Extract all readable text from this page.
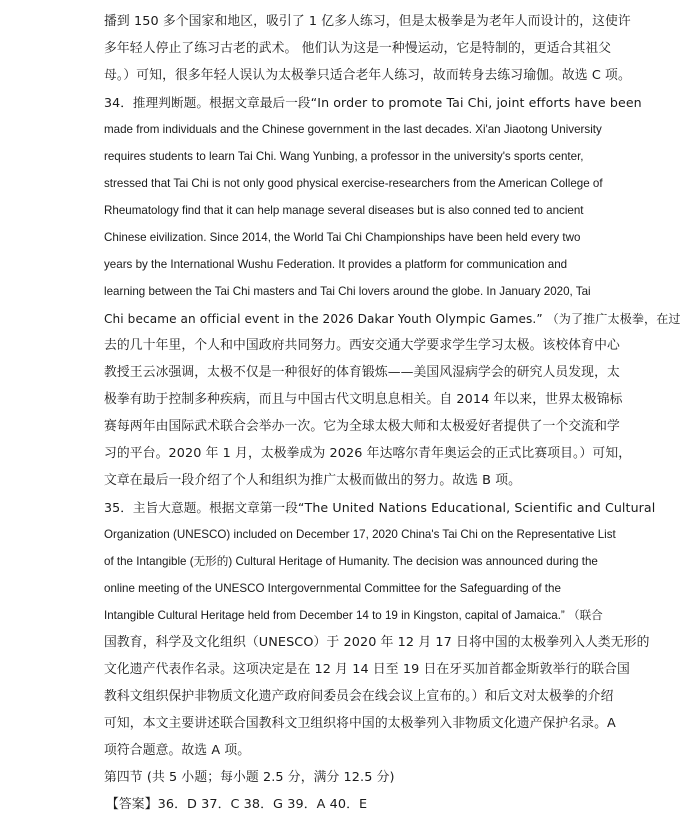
播到 150 多个国家和地区，吸引了 1 亿多人练习，但是太极拳是为老年人而设计的，这使许

多年轻人停止了练习古老的武术。 他们认为这是一种慢运动，它是特制的，更适合其祖父

母。）可知，很多年轻人误认为太极拳只适合老年人练习，故而转身去练习瑜伽。故选 C 项。

34．推理判断题。根据文章最后一段“In order to promote Tai Chi, joint efforts have been

made from individuals and the Chinese government in the last decades. Xi'an Jiaotong University

requires students to learn Tai Chi. Wang Yunbing, a professor in the university's sports center,

stressed that Tai Chi is not only good physical exercise-researchers from the American College of

Rheumatology find that it can help manage several diseases but is also conned ted to ancient

Chinese eivilization. Since 2014, the World Tai Chi Championships have been held every two

years by the International Wushu Federation. It provides a platform for communication and

learning between the Tai Chi masters and Tai Chi lovers around the globe. In January 2020, Tai

Chi became an official event in the 2026 Dakar Youth Olympic Games.” （为了推广太极拳，在过

去的几十年里，个人和中国政府共同努力。西安交通大学要求学生学习太极。该校体育中心

教授王云冰强调，太极不仅是一种很好的体育锻炼——美国风湿病学会的研究人员发现，太

极拳有助于控制多种疾病，而且与中国古代文明息息相关。自 2014 年以来，世界太极锦标

赛每两年由国际武术联合会举办一次。它为全球太极大师和太极爱好者提供了一个交流和学

习的平台。2020 年 1 月，太极拳成为 2026 年达喀尔青年奥运会的正式比赛项目。）可知，

文章在最后一段介绍了个人和组织为推广太极而做出的努力。故选 B 项。

35．主旨大意题。根据文章第一段“The United Nations Educational, Scientific and Cultural

Organization (UNESCO) included on December 17, 2020 China's Tai Chi on the Representative List

of the Intangible (无形的) Cultural Heritage of Humanity. The decision was announced during the

online meeting of the UNESCO Intergovernmental Committee for the Safeguarding of the

Intangible Cultural Heritage held from December 14 to 19 in Kingston, capital of Jamaica.” （联合

国教育，科学及文化组织（UNESCO）于 2020 年 12 月 17 日将中国的太极拳列入人类无形的

文化遗产代表作名录。这项决定是在 12 月 14 日至 19 日在牙买加首都金斯敦举行的联合国

教科文组织保护非物质文化遗产政府间委员会在线会议上宣布的。）和后文对太极拳的介绍

可知，本文主要讲述联合国教科文卫组织将中国的太极拳列入非物质文化遗产保护名录。A

项符合题意。故选 A 项。

第四节 (共 5 小题；每小题 2.5 分，满分 12.5 分)

【答案】36．D 37．C 38．G 39．A 40．E
